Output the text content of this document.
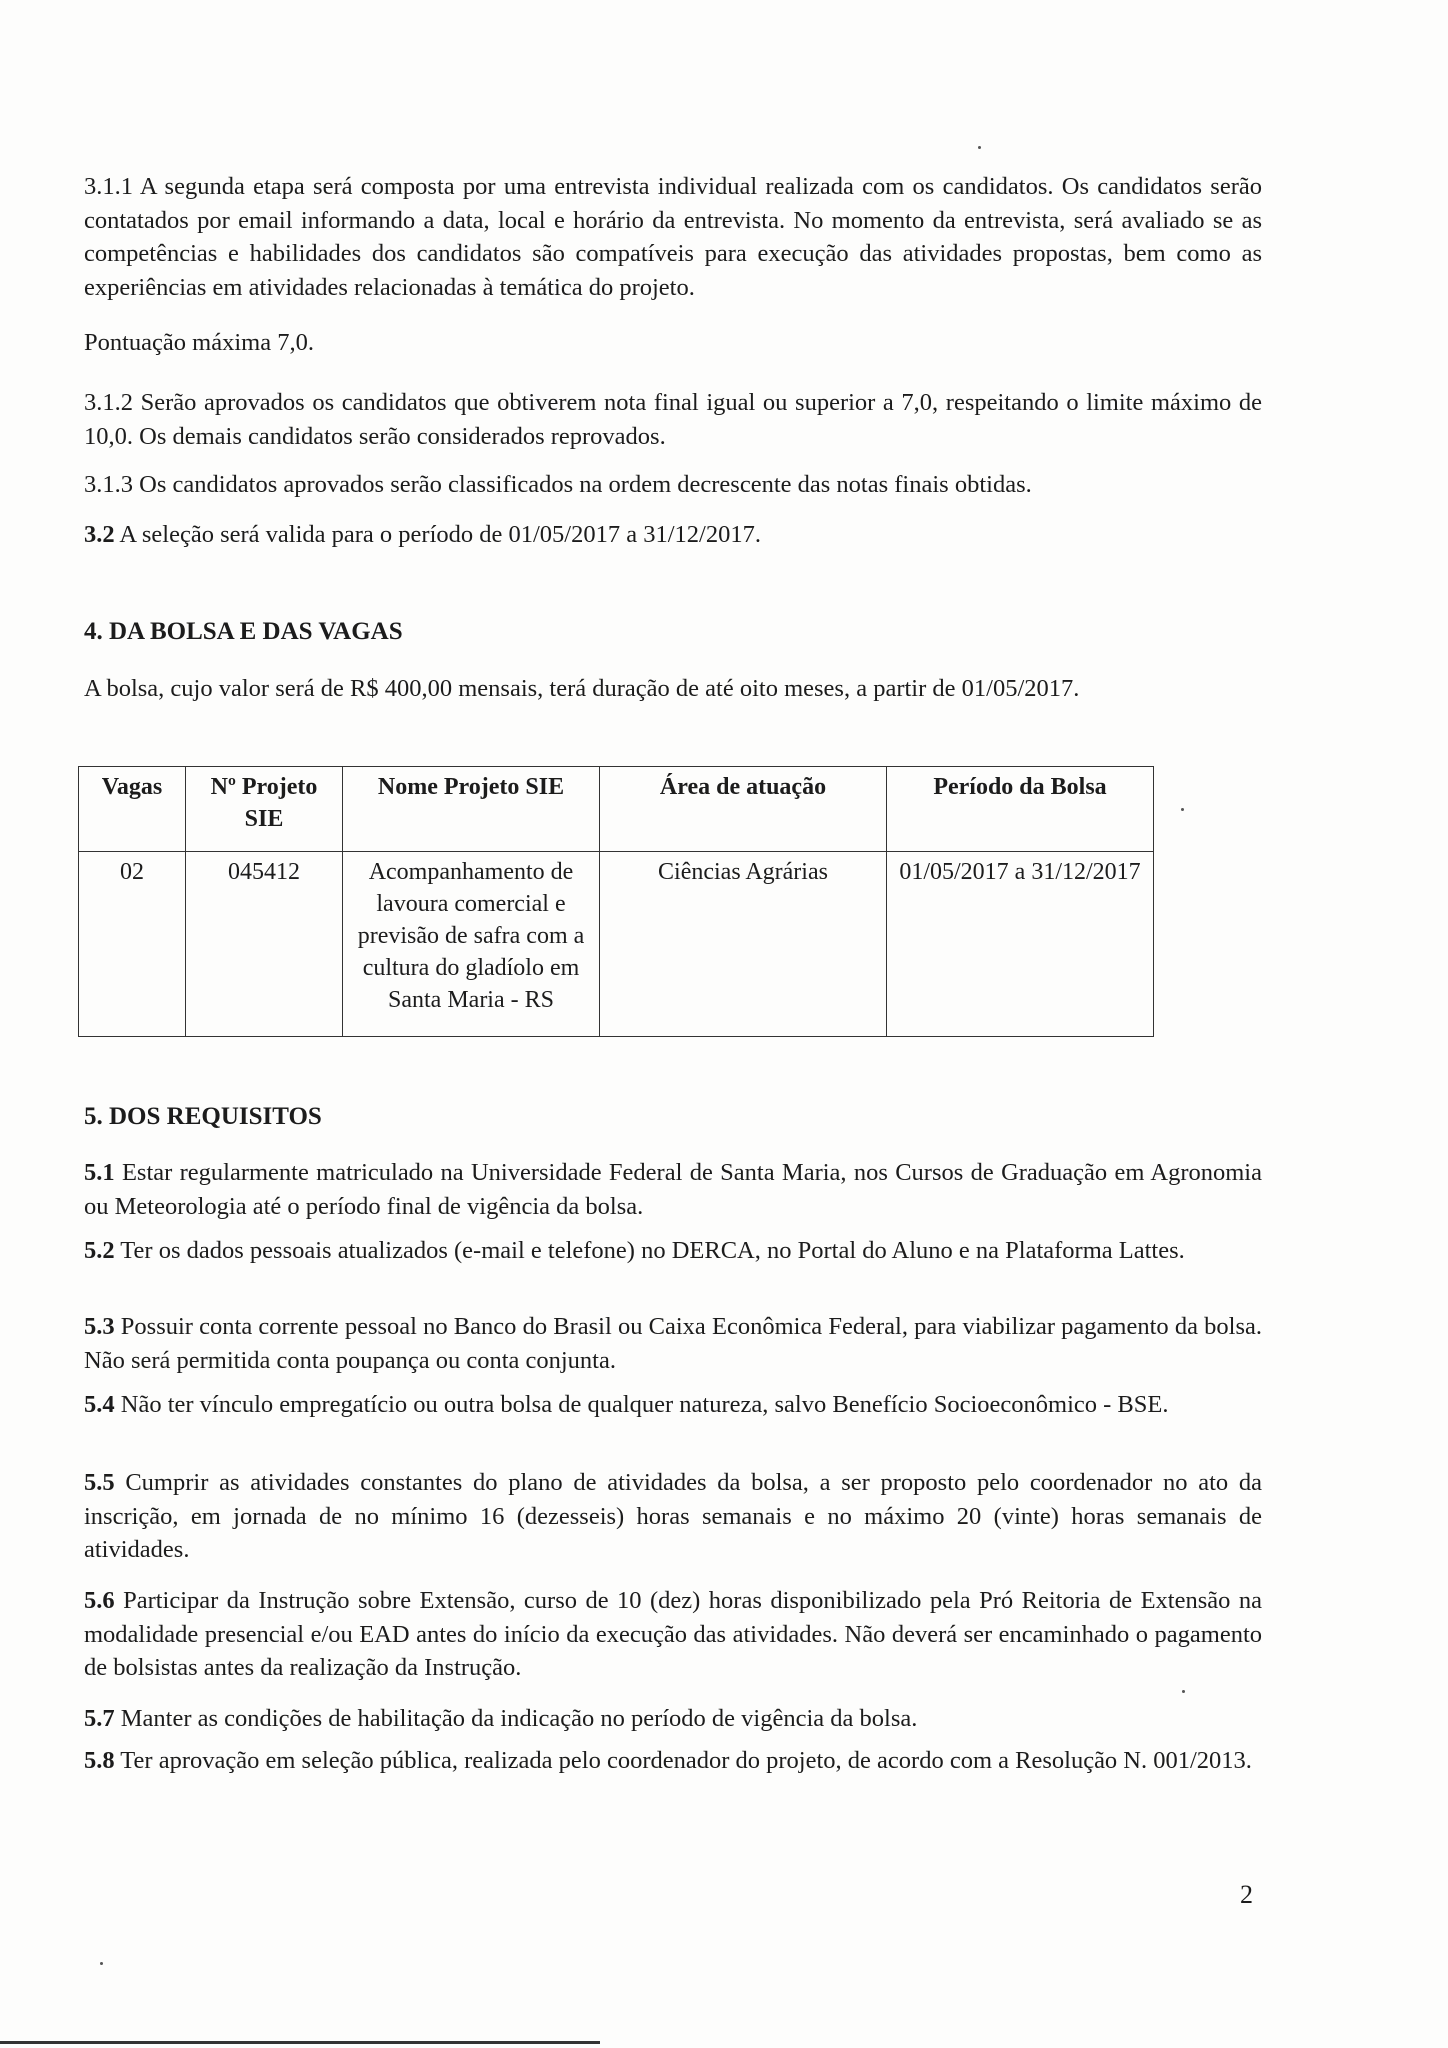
3.1.1 A segunda etapa será composta por uma entrevista individual realizada com os candidatos. Os candidatos serão contatados por email informando a data, local e horário da entrevista. No momento da entrevista, será avaliado se as competências e habilidades dos candidatos são compatíveis para execução das atividades propostas, bem como as experiências em atividades relacionadas à temática do projeto.
Pontuação máxima 7,0.
3.1.2 Serão aprovados os candidatos que obtiverem nota final igual ou superior a 7,0, respeitando o limite máximo de 10,0. Os demais candidatos serão considerados reprovados.
3.1.3 Os candidatos aprovados serão classificados na ordem decrescente das notas finais obtidas.
3.2 A seleção será valida para o período de 01/05/2017 a 31/12/2017.
4. DA BOLSA E DAS VAGAS
A bolsa, cujo valor será de R$ 400,00 mensais, terá duração de até oito meses, a partir de 01/05/2017.
Vagas	Nº Projeto SIE	Nome Projeto SIE	Área de atuação	Período da Bolsa
02	045412	Acompanhamento de lavoura comercial e previsão de safra com a cultura do gladíolo em Santa Maria - RS	Ciências Agrárias	01/05/2017 a 31/12/2017
5. DOS REQUISITOS
5.1 Estar regularmente matriculado na Universidade Federal de Santa Maria, nos Cursos de Graduação em Agronomia ou Meteorologia até o período final de vigência da bolsa.
5.2 Ter os dados pessoais atualizados (e-mail e telefone) no DERCA, no Portal do Aluno e na Plataforma Lattes.
5.3 Possuir conta corrente pessoal no Banco do Brasil ou Caixa Econômica Federal, para viabilizar pagamento da bolsa. Não será permitida conta poupança ou conta conjunta.
5.4 Não ter vínculo empregatício ou outra bolsa de qualquer natureza, salvo Benefício Socioeconômico - BSE.
5.5 Cumprir as atividades constantes do plano de atividades da bolsa, a ser proposto pelo coordenador no ato da inscrição, em jornada de no mínimo 16 (dezesseis) horas semanais e no máximo 20 (vinte) horas semanais de atividades.
5.6 Participar da Instrução sobre Extensão, curso de 10 (dez) horas disponibilizado pela Pró Reitoria de Extensão na modalidade presencial e/ou EAD antes do início da execução das atividades. Não deverá ser encaminhado o pagamento de bolsistas antes da realização da Instrução.
5.7 Manter as condições de habilitação da indicação no período de vigência da bolsa.
5.8 Ter aprovação em seleção pública, realizada pelo coordenador do projeto, de acordo com a Resolução N. 001/2013.
2
